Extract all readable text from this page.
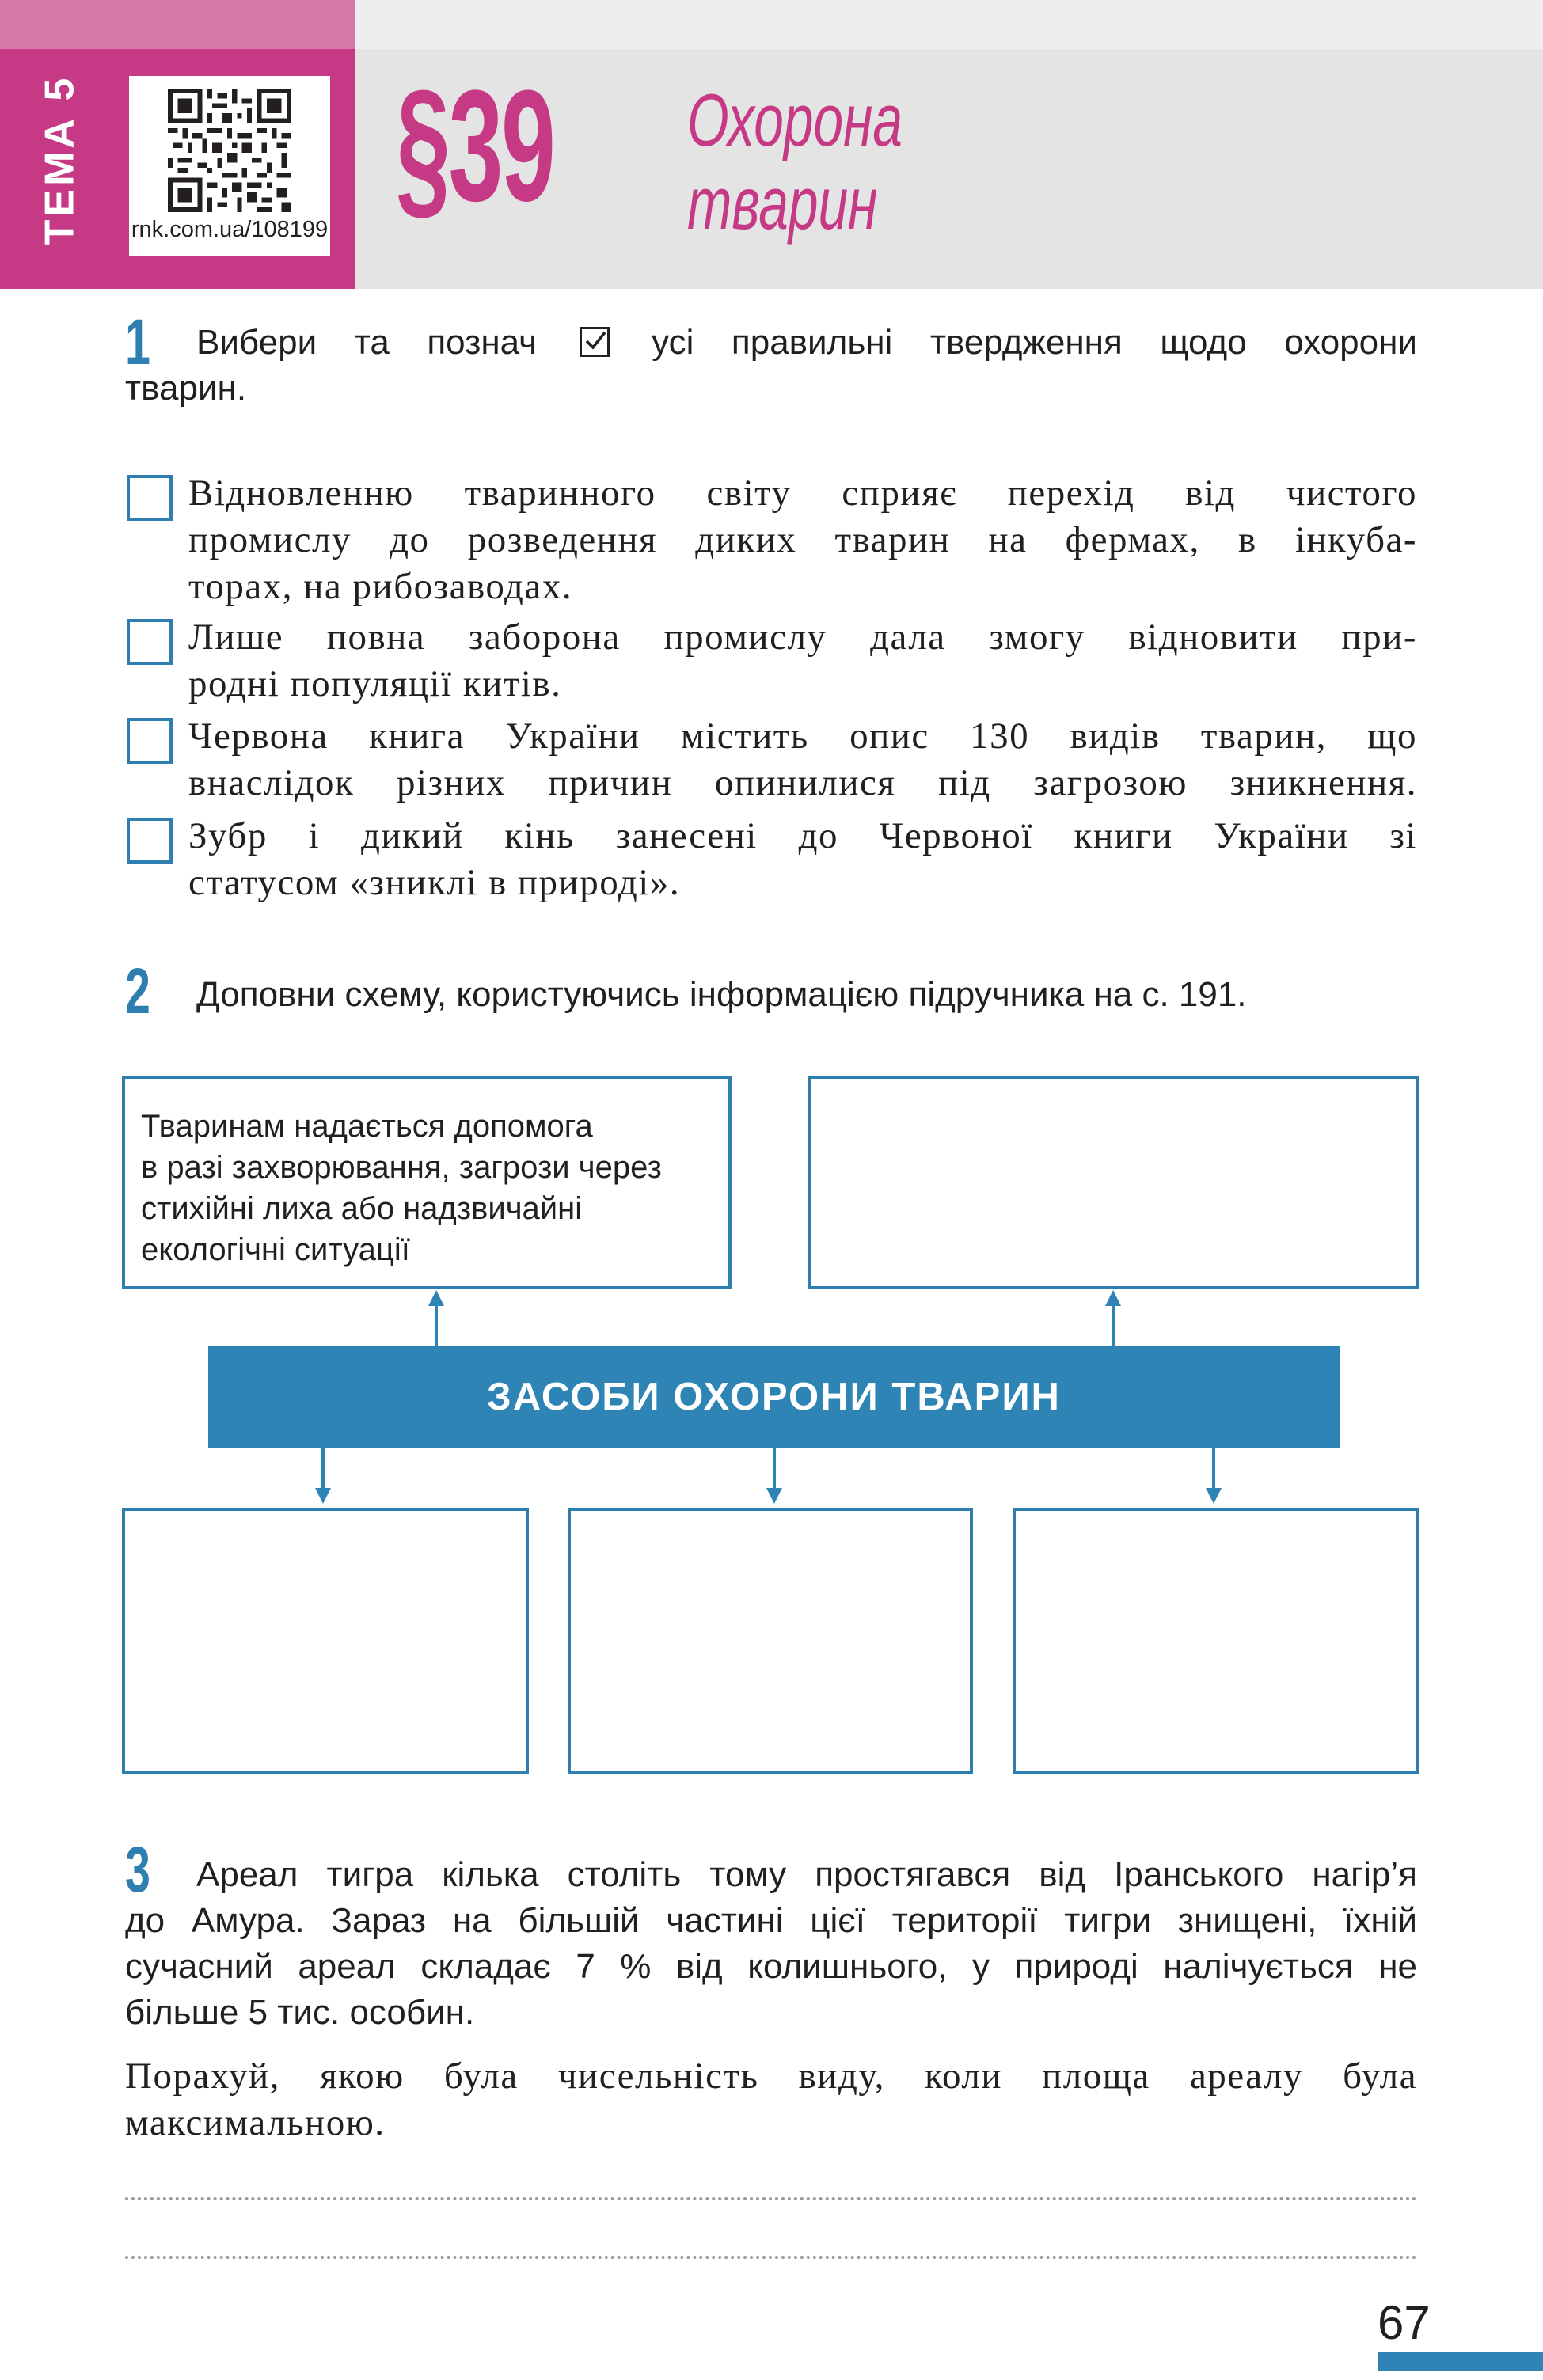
ТЕМА 5 rnk.com.ua/108199 §39 Охорона
тварин
1 Вибери та познач	усі правильні твердження щодо охорони
тварин.
Відновленню тваринного світу сприяє перехід від чистого
промислу до розведення диких тварин на фермах, в інкуба-
торах, на рибозаводах.
Лише повна заборона промислу дала змогу відновити при-
родні популяції китів.
Червона книга України містить опис 130 видів тварин, що
внаслідок різних причин опинилися під загрозою зникнення.
Зубр і дикий кінь занесені до Червоної книги України зі
статусом «зниклі в природі».
2 Доповни схему, користуючись інформацією підручника на с. 191.
Тваринам надається допомога
в разі захворювання, загрози через
стихійні лиха або надзвичайні
екологічні ситуації
ЗАСОБИ ОХОРОНИ ТВАРИН
3 Ареал тигра кілька століть тому простягався від Іранського нагір’я
до Амура. Зараз на більшій частині цієї території тигри знищені, їхній
сучасний ареал складає 7 % від колишнього, у природі налічується не
більше 5 тис. особин.
Порахуй, якою була чисельність виду, коли площа ареалу була
максимальною.
67
